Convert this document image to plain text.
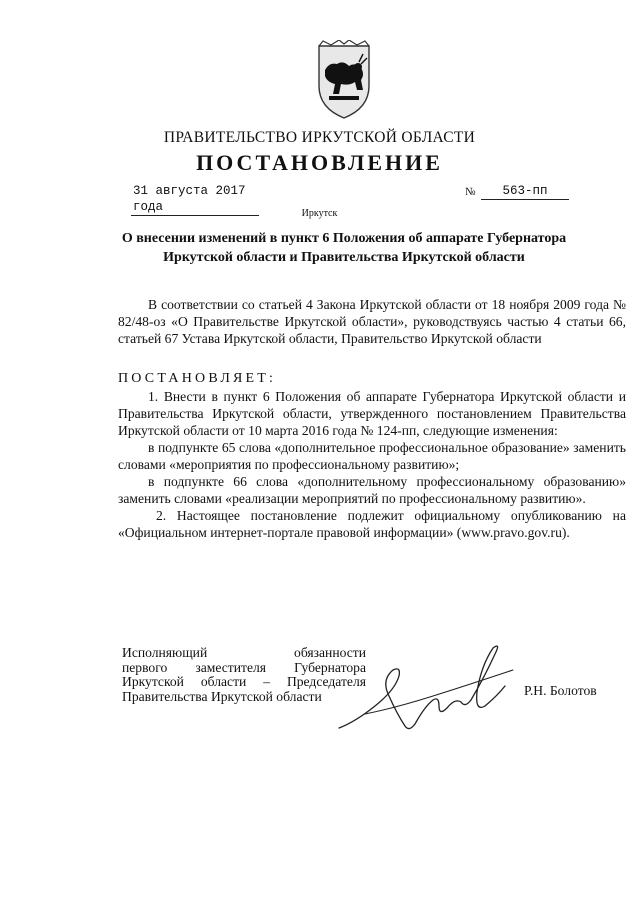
ПРАВИТЕЛЬСТВО ИРКУТСКОЙ ОБЛАСТИ
ПОСТАНОВЛЕНИЕ
31 августа 2017 года
№	563-пп
Иркутск
О внесении изменений в пункт 6 Положения об аппарате Губернатора
Иркутской области и Правительства Иркутской области

В соответствии со статьей 4 Закона Иркутской области от 18 ноября 2009 года № 82/48-оз «О Правительстве Иркутской области», руководствуясь частью 4 статьи 66, статьей 67 Устава Иркутской области, Правительство Иркутской области

ПОСТАНОВЛЯЕТ:

1. Внести в пункт 6 Положения об аппарате Губернатора Иркутской области и Правительства Иркутской области, утвержденного постановлением Правительства Иркутской области от 10 марта 2016 года № 124-пп, следующие изменения:

в подпункте 65 слова «дополнительное профессиональное образование» заменить словами «мероприятия по профессиональному развитию»;

в подпункте 66 слова «дополнительному профессиональному образованию» заменить словами «реализации мероприятий по профессиональному развитию».

2. Настоящее постановление подлежит официальному опубликованию на «Официальном интернет-портале правовой информации» (www.pravo.gov.ru).

Исполняющий обязанности
первого заместителя Губернатора
Иркутской области – Председателя
Правительства Иркутской области	Р.Н. Болотов
